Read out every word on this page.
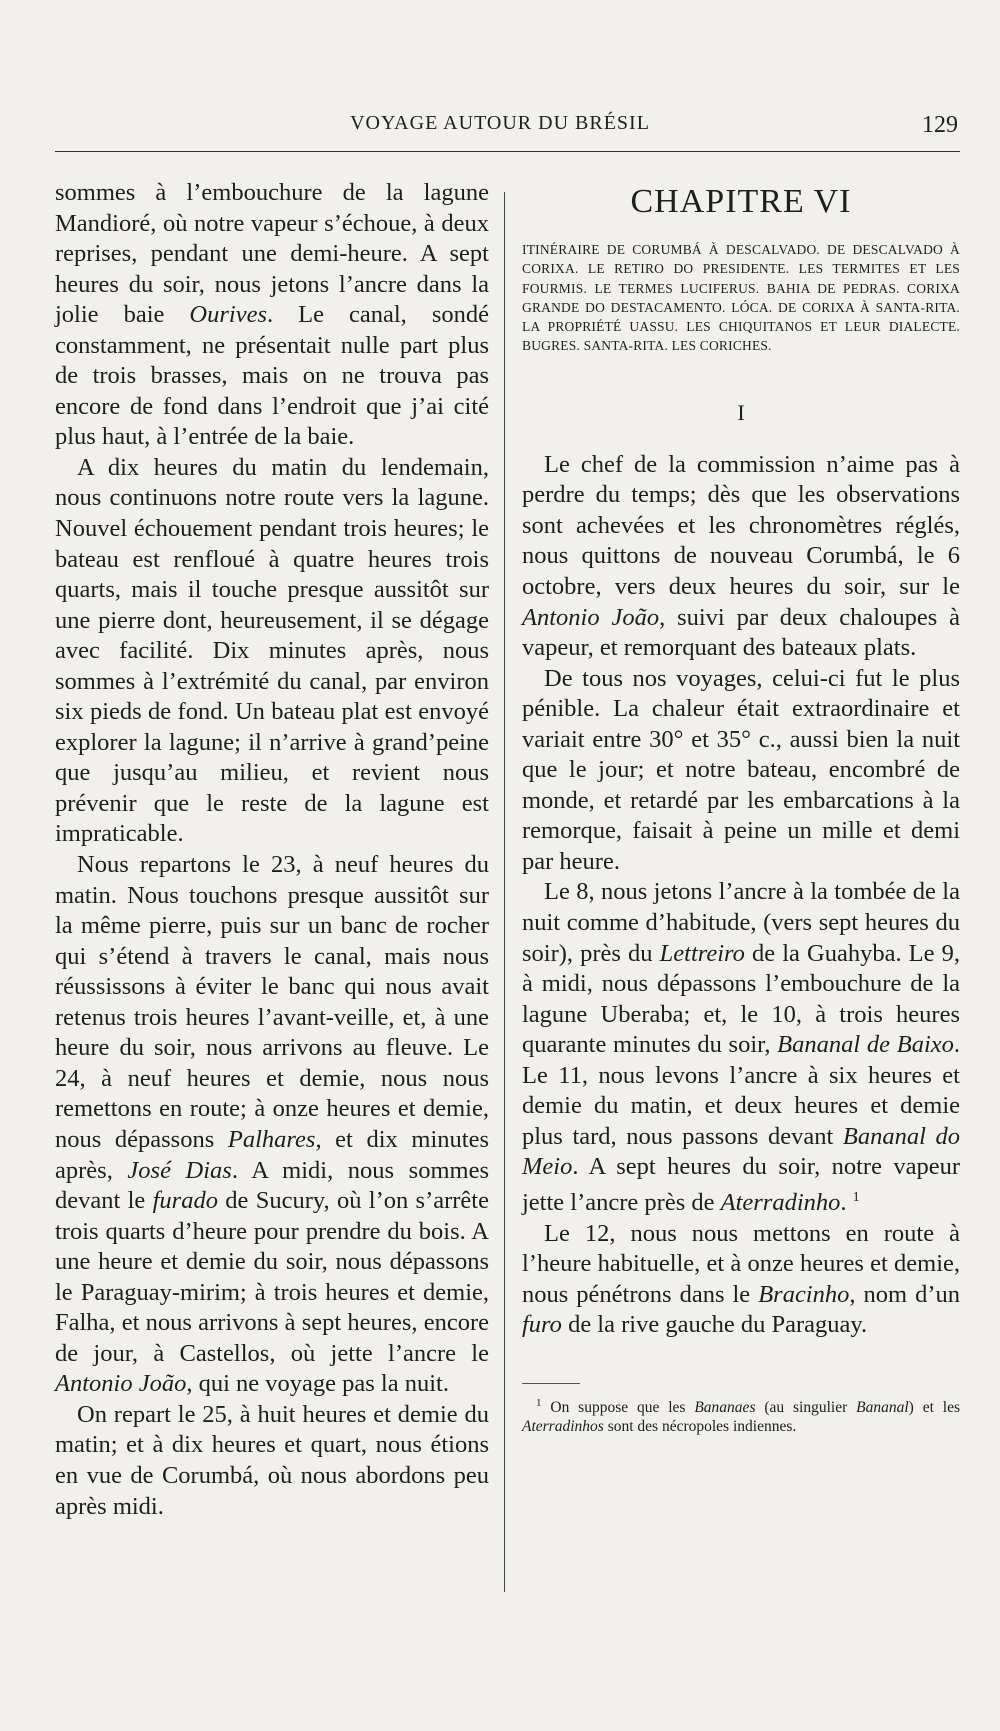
VOYAGE AUTOUR DU BRÉSIL	129

sommes à l’embouchure de la lagune Mandioré, où notre vapeur s’échoue, à deux reprises, pendant une demi-heure. A sept heures du soir, nous jetons l’ancre dans la jolie baie Ourives. Le canal, sondé constamment, ne présentait nulle part plus de trois brasses, mais on ne trouva pas encore de fond dans l’endroit que j’ai cité plus haut, à l’entrée de la baie.

A dix heures du matin du lendemain, nous continuons notre route vers la lagune. Nouvel échouement pendant trois heures; le bateau est renfloué à quatre heures trois quarts, mais il touche presque aussitôt sur une pierre dont, heureusement, il se dégage avec facilité. Dix minutes après, nous sommes à l’extrémité du canal, par environ six pieds de fond. Un bateau plat est envoyé explorer la lagune; il n’arrive à grand’peine que jusqu’au milieu, et revient nous prévenir que le reste de la lagune est impraticable.

Nous repartons le 23, à neuf heures du matin. Nous touchons presque aussitôt sur la même pierre, puis sur un banc de rocher qui s’étend à travers le canal, mais nous réussissons à éviter le banc qui nous avait retenus trois heures l’avant-veille, et, à une heure du soir, nous arrivons au fleuve. Le 24, à neuf heures et demie, nous nous remettons en route; à onze heures et demie, nous dépassons Palhares, et dix minutes après, José Dias. A midi, nous sommes devant le furado de Sucury, où l’on s’arrête trois quarts d’heure pour prendre du bois. A une heure et demie du soir, nous dépassons le Paraguay-mirim; à trois heures et demie, Falha, et nous arrivons à sept heures, encore de jour, à Castellos, où jette l’ancre le Antonio João, qui ne voyage pas la nuit.

On repart le 25, à huit heures et demie du matin; et à dix heures et quart, nous étions en vue de Corumbá, où nous abordons peu après midi.

CHAPITRE VI
ITINÉRAIRE DE CORUMBÁ À DESCALVADO. DE DESCALVADO À CORIXA. LE RETIRO DO PRESIDENTE. LES TERMITES ET LES FOURMIS. LE TERMES LUCIFERUS. BAHIA DE PEDRAS. CORIXA GRANDE DO DESTACAMENTO. LÓCA. DE CORIXA À SANTA-RITA. LA PROPRIÉTÉ UASSU. LES CHIQUITANOS ET LEUR DIALECTE. BUGRES. SANTA-RITA. LES CORICHES.
I

Le chef de la commission n’aime pas à perdre du temps; dès que les observations sont achevées et les chronomètres réglés, nous quittons de nouveau Corumbá, le 6 octobre, vers deux heures du soir, sur le Antonio João, suivi par deux chaloupes à vapeur, et remorquant des bateaux plats.

De tous nos voyages, celui-ci fut le plus pénible. La chaleur était extraordinaire et variait entre 30° et 35° c., aussi bien la nuit que le jour; et notre bateau, encombré de monde, et retardé par les embarcations à la remorque, faisait à peine un mille et demi par heure.

Le 8, nous jetons l’ancre à la tombée de la nuit comme d’habitude, (vers sept heures du soir), près du Lettreiro de la Guahyba. Le 9, à midi, nous dépassons l’embouchure de la lagune Uberaba; et, le 10, à trois heures quarante minutes du soir, Bananal de Baixo. Le 11, nous levons l’ancre à six heures et demie du matin, et deux heures et demie plus tard, nous passons devant Bananal do Meio. A sept heures du soir, notre vapeur jette l’ancre près de Aterradinho. $^1$

Le 12, nous nous mettons en route à l’heure habituelle, et à onze heures et demie, nous pénétrons dans le Bracinho, nom d’un furo de la rive gauche du Paraguay.

$^1$ On suppose que les Bananaes (au singulier Bananal) et les Aterradinhos sont des nécropoles indiennes.
